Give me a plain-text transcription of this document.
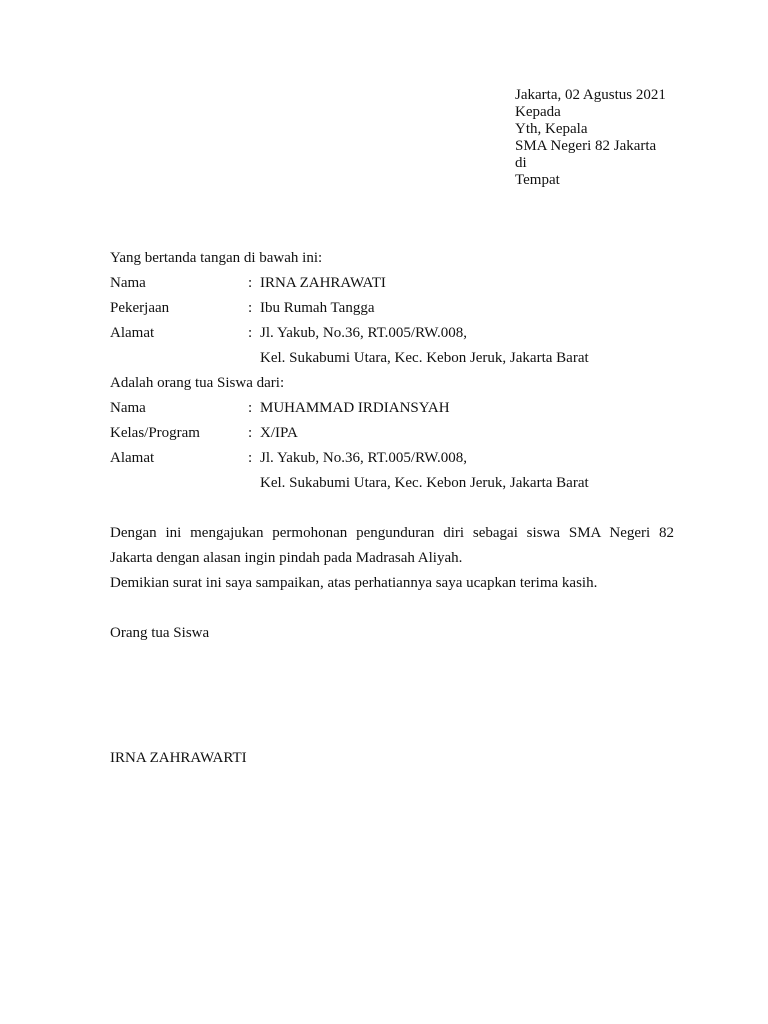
Jakarta, 02 Agustus 2021
Kepada
Yth, Kepala
SMA Negeri 82 Jakarta
di
Tempat
Yang bertanda tangan di bawah ini:
Nama	: IRNA ZAHRAWATI
Pekerjaan	: Ibu Rumah Tangga
Alamat	: Jl. Yakub, No.36, RT.005/RW.008,
Kel. Sukabumi Utara, Kec. Kebon Jeruk, Jakarta Barat
Adalah orang tua Siswa dari:
Nama	: MUHAMMAD IRDIANSYAH
Kelas/Program	: X/IPA
Alamat	: Jl. Yakub, No.36, RT.005/RW.008,
Kel. Sukabumi Utara, Kec. Kebon Jeruk, Jakarta Barat

Dengan ini mengajukan permohonan pengunduran diri sebagai siswa SMA Negeri 82

Jakarta dengan alasan ingin pindah pada Madrasah Aliyah.

Demikian surat ini saya sampaikan, atas perhatiannya saya ucapkan terima kasih.

Orang tua Siswa
IRNA ZAHRAWARTI
